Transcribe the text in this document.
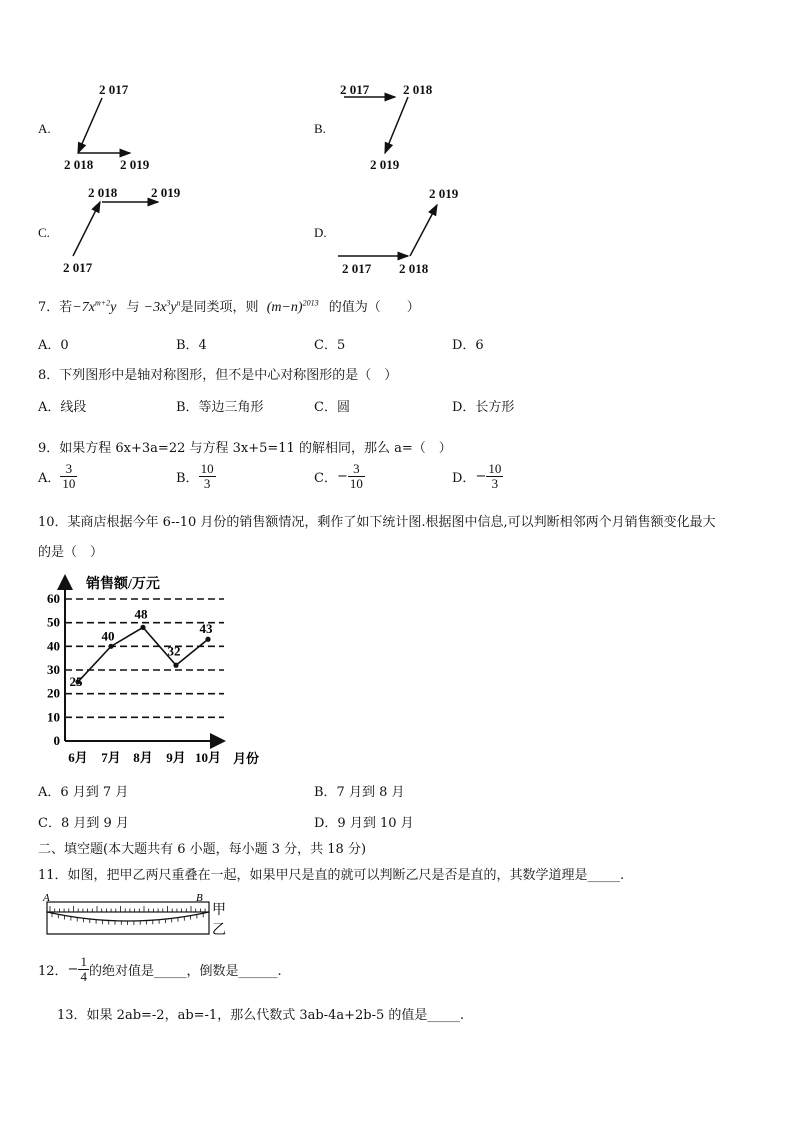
A.
2 017
2 018 2 019
B.
2 017	2 018
2 019
C.
2 018	2 019
2 017
D.
2 019
2 017 2 018
7．若$-7x^{m+2}y$ 与 $-3x^3y^n$是同类项，则 $(m-n)^{2013}$ 的值为（　　）
A．0	B．4	C．5	D．6
8．下列图形中是轴对称图形，但不是中心对称图形的是（　）
A．线段	B．等边三角形	C．圆	D．长方形
9．如果方程 6x+3a=22 与方程 3x+5=11 的解相同，那么 a=（　）
A． $\frac{3}{10}$	B． $\frac{10}{3}$	C．− $\frac{3}{10}$	D．− $\frac{10}{3}$
10．某商店根据今年 6--10 月份的销售额情况，剩作了如下统计图.根据图中信息,可以判断相邻两个月销售额变化最大
的是（　）
0
10
20
30
40
50
60
6月 7月 8月 9月 10月
25
40
48
32
43
销售额/万元
月份
A．6 月到 7 月	B．7 月到 8 月
C．8 月到 9 月	D．9 月到 10 月
二、填空题(本大题共有 6 小题，每小题 3 分，共 18 分)
11．如图，把甲乙两尺重叠在一起，如果甲尺是直的就可以判断乙尺是否是直的，其数学道理是_____.
A	B
甲
乙
12．− $\frac{1}{4}$ 的绝对值是_____，倒数是______.
13．如果 2ab=-2，ab=-1，那么代数式 3ab-4a+2b-5 的值是_____.
